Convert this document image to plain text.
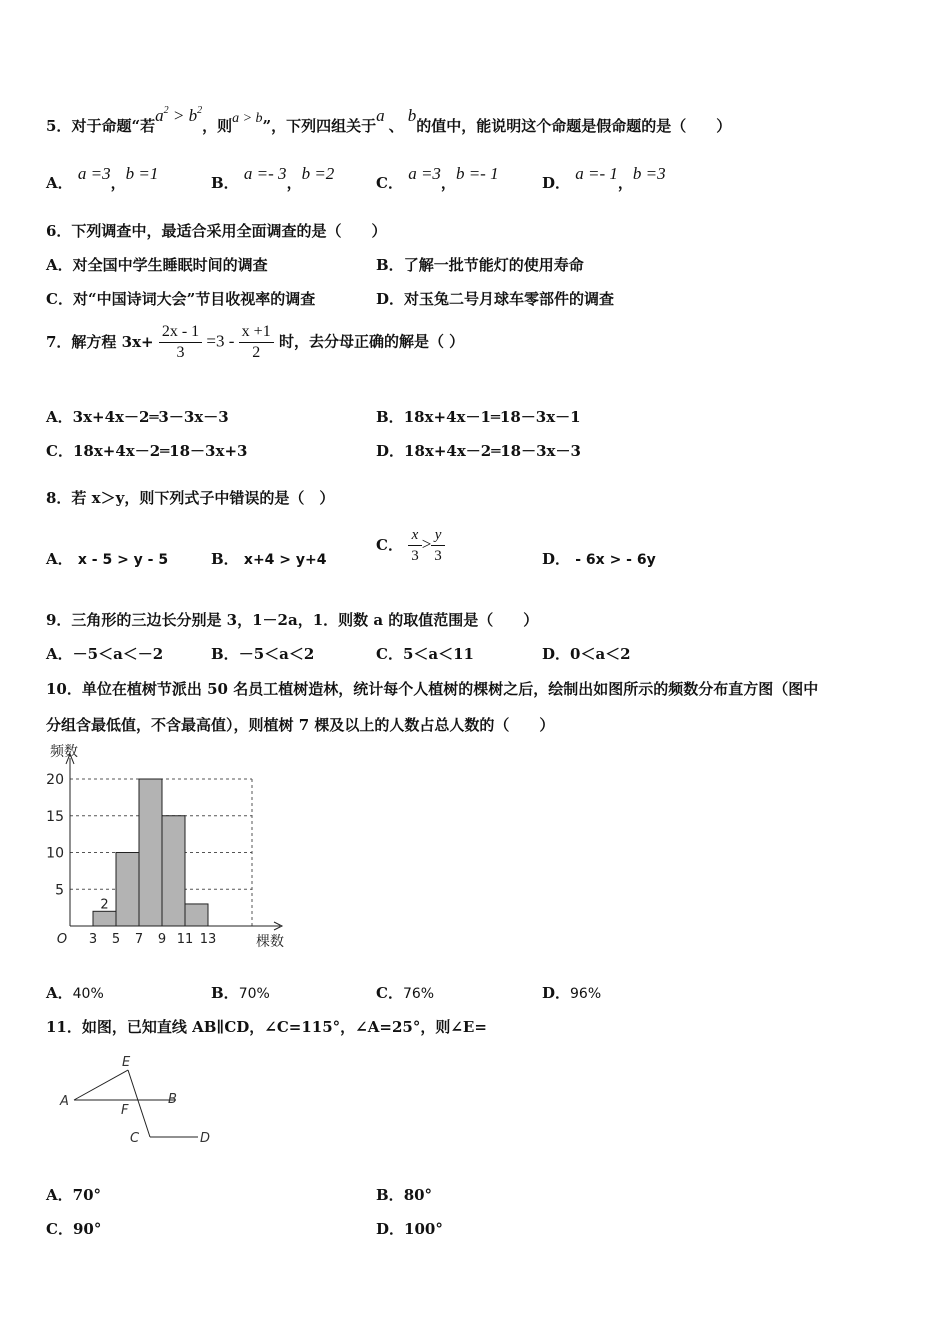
5．对于命题“若$a^2 > b^2$，则a > b”，下列四组关于a、b的值中，能说明这个命题是假命题的是（　　）
A． a =3，b =1	B． a =- 3，b =2	C． a =3，b =- 1	D． a =- 1，b =3
6．下列调查中，最适合采用全面调查的是（　　）
A．对全国中学生睡眠时间的调查	B．了解一批节能灯的使用寿命
C．对“中国诗词大会”节目收视率的调查	D．对玉兔二号月球车零部件的调查
7．解方程 $3x+ \frac{2x - 1}{3} =3 - \frac{x +1}{2}$ 时，去分母正确的解是（ ）
A．3x+4x－2═3－3x－3	B．18x+4x－1═18－3x－1
C．18x+4x－2═18－3x+3	D．18x+4x－2═18－3x－3
8．若 x＞y，则下列式子中错误的是（　）
A． x - 5 > y - 5	B． x+4 > y+4
C． $\frac{x}{3} > \frac{y}{3}$	D． - 6x > - 6y
9．三角形的三边长分别是 3，1－2a，1．则数 a 的取值范围是（　　）
A．－5＜a＜－2	B．－5＜a＜2	C．5＜a＜11	D．0＜a＜2
10．单位在植树节派出 50 名员工植树造林，统计每个人植树的棵树之后，绘制出如图所示的频数分布直方图（图中
分组含最低值，不含最高值），则植树 7 棵及以上的人数占总人数的（　　）
5
10
15
20
O 3 5 7 9 11 13
频数
棵数
2
A．40%	B．70%	C．76%	D．96%
11．如图，已知直线 AB∥CD，∠C=115°，∠A=25°，则∠E=
A	B
E
F
C	D
A．70°	B．80°
C．90°	D．100°
